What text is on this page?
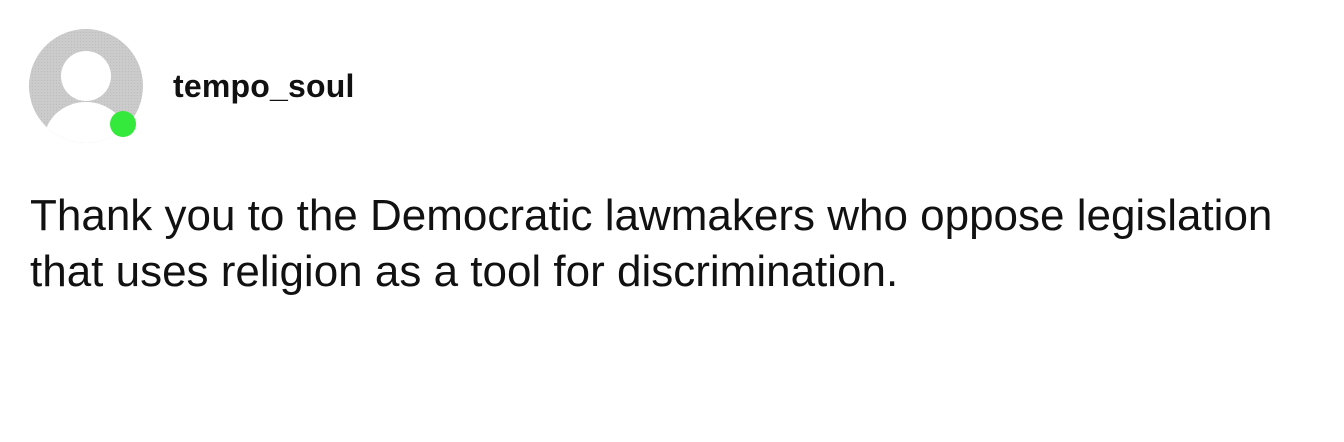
tempo_soul

Thank you to the Democratic lawmakers who oppose legislation that uses religion as a tool for discrimination.
